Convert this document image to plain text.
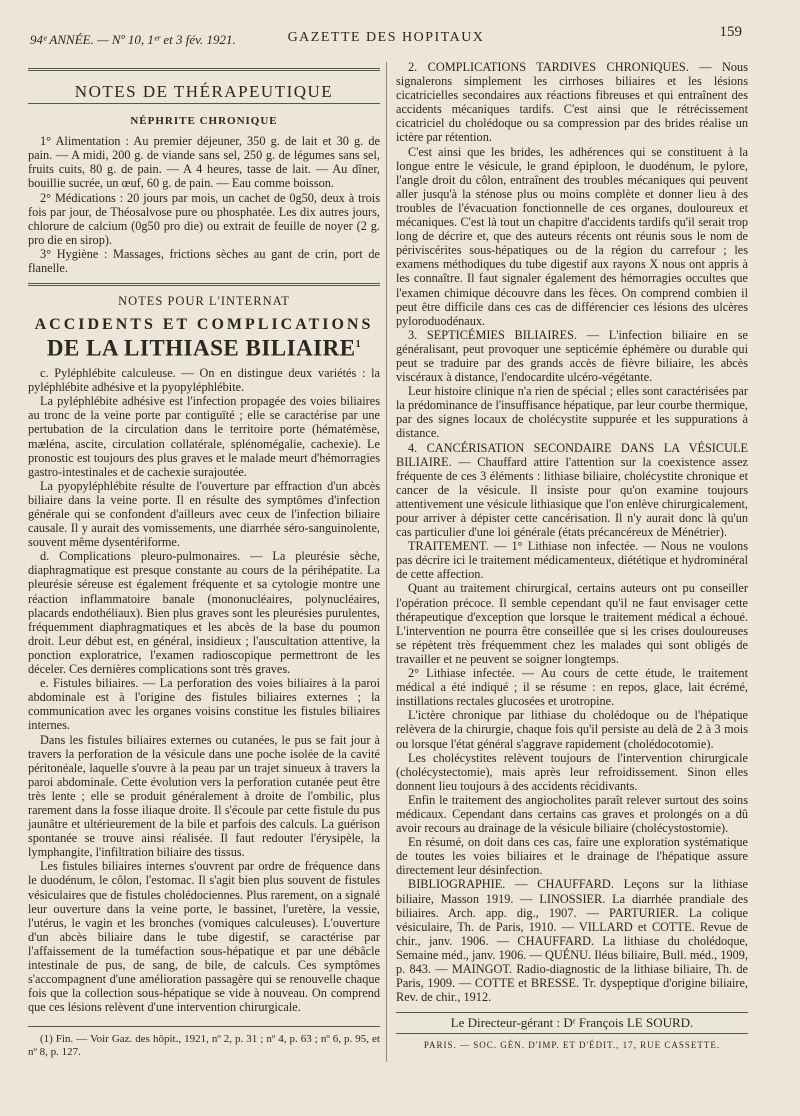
94ᵉ ANNÉE. — Nº 10, 1ᵉʳ et 3 fév. 1921.	GAZETTE DES HOPITAUX	159

NOTES DE THÉRAPEUTIQUE

NÉPHRITE CHRONIQUE

1° Alimentation : Au premier déjeuner, 350 g. de lait et 30 g. de pain. — A midi, 200 g. de viande sans sel, 250 g. de légumes sans sel, fruits cuits, 80 g. de pain. — A 4 heures, tasse de lait. — Au dîner, bouillie sucrée, un œuf, 60 g. de pain. — Eau comme boisson.

2° Médications : 20 jours par mois, un cachet de 0g50, deux à trois fois par jour, de Théosalvose pure ou phosphatée. Les dix autres jours, chlorure de calcium (0g50 pro die) ou extrait de feuille de noyer (2 g. pro die en sirop).

3° Hygiène : Massages, frictions sèches au gant de crin, port de flanelle.

NOTES POUR L'INTERNAT

ACCIDENTS ET COMPLICATIONS

DE LA LITHIASE BILIAIRE$^1$

c. Pyléphlébite calculeuse. — On en distingue deux variétés : la pyléphlébite adhésive et la pyopyléphlébite.

La pyléphlébite adhésive est l'infection propagée des voies biliaires au tronc de la veine porte par contiguïté ; elle se caractérise par une pertubation de la circulation dans le territoire porte (hématémèse, mæléna, ascite, circulation collatérale, splénomégalie, cachexie). Le pronostic est toujours des plus graves et le malade meurt d'hémorragies gastro-intestinales et de cachexie surajoutée.

La pyopyléphlébite résulte de l'ouverture par effraction d'un abcès biliaire dans la veine porte. Il en résulte des symptômes d'infection générale qui se confondent d'ailleurs avec ceux de l'infection biliaire causale. Il y aurait des vomissements, une diarrhée séro-sanguinolente, souvent même dysentériforme.

d. Complications pleuro-pulmonaires. — La pleurésie sèche, diaphragmatique est presque constante au cours de la périhépatite. La pleurésie séreuse est également fréquente et sa cytologie montre une réaction inflammatoire banale (mononucléaires, polynucléaires, placards endothéliaux). Bien plus graves sont les pleurésies purulentes, fréquemment diaphragmatiques et les abcès de la base du poumon droit. Leur début est, en général, insidieux ; l'auscultation attentive, la ponction exploratrice, l'examen radioscopique permettront de les déceler. Ces dernières complications sont très graves.

e. Fistules biliaires. — La perforation des voies biliaires à la paroi abdominale est à l'origine des fistules biliaires externes ; la communication avec les organes voisins constitue les fistules biliaires internes.

Dans les fistules biliaires externes ou cutanées, le pus se fait jour à travers la perforation de la vésicule dans une poche isolée de la cavité péritonéale, laquelle s'ouvre à la peau par un trajet sinueux à travers la paroi abdominale. Cette évolution vers la perforation cutanée peut être très lente ; elle se produit généralement à droite de l'ombilic, plus rarement dans la fosse iliaque droite. Il s'écoule par cette fistule du pus jaunâtre et ultérieurement de la bile et parfois des calculs. La guérison spontanée se trouve ainsi réalisée. Il faut redouter l'érysipèle, la lymphangite, l'infiltration biliaire des tissus.

Les fistules biliaires internes s'ouvrent par ordre de fréquence dans le duodénum, le côlon, l'estomac. Il s'agit bien plus souvent de fistules vésiculaires que de fistules cholédociennes. Plus rarement, on a signalé leur ouverture dans la veine porte, le bassinet, l'uretère, la vessie, l'utérus, le vagin et les bronches (vomiques calculeuses). L'ouverture d'un abcès biliaire dans le tube digestif, se caractérise par l'affaissement de la tuméfaction sous-hépatique et par une débâcle intestinale de pus, de sang, de bile, de calculs. Ces symptômes s'accompagnent d'une amélioration passagère qui se renouvelle chaque fois que la collection sous-hépatique se vide à nouveau. On comprend que ces lésions relèvent d'une intervention chirurgicale.

(1) Fin. — Voir Gaz. des hôpit., 1921, nº 2, p. 31 ; nº 4, p. 63 ; nº 6, p. 95, et nº 8, p. 127.

2. COMPLICATIONS TARDIVES CHRONIQUES. — Nous signalerons simplement les cirrhoses biliaires et les lésions cicatricielles secondaires aux réactions fibreuses et qui entraînent des accidents mécaniques tardifs. C'est ainsi que le rétrécissement cicatriciel du cholédoque ou sa compression par des brides réalise un ictère par rétention.

C'est ainsi que les brides, les adhérences qui se constituent à la longue entre le vésicule, le grand épiploon, le duodénum, le pylore, l'angle droit du côlon, entraînent des troubles mécaniques qui peuvent aller jusqu'à la sténose plus ou moins complète et donner lieu à des troubles de l'évacuation fonctionnelle de ces organes, douloureux et mécaniques. C'est là tout un chapitre d'accidents tardifs qu'il serait trop long de décrire et, que des auteurs récents ont réunis sous le nom de périviscérites sous-hépatiques ou de la région du carrefour ; les examens méthodiques du tube digestif aux rayons X nous ont appris à les connaître. Il faut signaler également des hémorragies occultes que l'examen chimique découvre dans les fèces. On comprend combien il peut être difficile dans ces cas de différencier ces lésions des ulcères pyloroduodénaux.

3. SEPTICÉMIES BILIAIRES. — L'infection biliaire en se généralisant, peut provoquer une septicémie éphémère ou durable qui peut se traduire par des grands accès de fièvre biliaire, les abcès viscéraux à distance, l'endocardite ulcéro-végétante.

Leur histoire clinique n'a rien de spécial ; elles sont caractérisées par la prédominance de l'insuffisance hépatique, par leur courbe thermique, par des signes locaux de cholécystite suppurée et les suppurations à distance.

4. CANCÉRISATION SECONDAIRE DANS LA VÉSICULE BILIAIRE. — Chauffard attire l'attention sur la coexistence assez fréquente de ces 3 éléments : lithiase biliaire, cholécystite chronique et cancer de la vésicule. Il insiste pour qu'on examine toujours attentivement une vésicule lithiasique que l'on enlève chirurgicalement, pour arriver à dépister cette cancérisation. Il n'y aurait donc là qu'un cas particulier d'une loi générale (états précancéreux de Ménétrier).

TRAITEMENT. — 1° Lithiase non infectée. — Nous ne voulons pas décrire ici le traitement médicamenteux, diététique et hydrominéral de cette affection.

Quant au traitement chirurgical, certains auteurs ont pu conseiller l'opération précoce. Il semble cependant qu'il ne faut envisager cette thérapeutique d'exception que lorsque le traitement médical a échoué. L'intervention ne pourra être conseillée que si les crises douloureuses se répètent très fréquemment chez les malades qui sont obligés de travailler et ne peuvent se soigner longtemps.

2° Lithiase infectée. — Au cours de cette étude, le traitement médical a été indiqué ; il se résume : en repos, glace, lait écrémé, instillations rectales glucosées et urotropine.

L'ictère chronique par lithiase du cholédoque ou de l'hépatique relèvera de la chirurgie, chaque fois qu'il persiste au delà de 2 à 3 mois ou lorsque l'état général s'aggrave rapidement (cholédocotomie).

Les cholécystites relèvent toujours de l'intervention chirurgicale (cholécystectomie), mais après leur refroidissement. Sinon elles donnent lieu toujours à des accidents récidivants.

Enfin le traitement des angiocholites paraît relever surtout des soins médicaux. Cependant dans certains cas graves et prolongés on a dû avoir recours au drainage de la vésicule biliaire (cholécystostomie).

En résumé, on doit dans ces cas, faire une exploration systématique de toutes les voies biliaires et le drainage de l'hépatique assure directement leur désinfection.

BIBLIOGRAPHIE. — CHAUFFARD. Leçons sur la lithiase biliaire, Masson 1919. — LINOSSIER. La diarrhée prandiale des biliaires. Arch. app. dig., 1907. — PARTURIER. La colique vésiculaire, Th. de Paris, 1910. — VILLARD et COTTE. Revue de chir., janv. 1906. — CHAUFFARD. La lithiase du cholédoque, Semaine méd., janv. 1906. — QUÉNU. Iléus biliaire, Bull. méd., 1909, p. 843. — MAINGOT. Radio-diagnostic de la lithiase biliaire, Th. de Paris, 1909. — COTTE et BRESSE. Tr. dyspeptique d'origine biliaire, Rev. de chir., 1912.

Le Directeur-gérant : Dʳ François LE SOURD.

PARIS. — SOC. GÉN. D'IMP. ET D'ÉDIT., 17, RUE CASSETTE.
